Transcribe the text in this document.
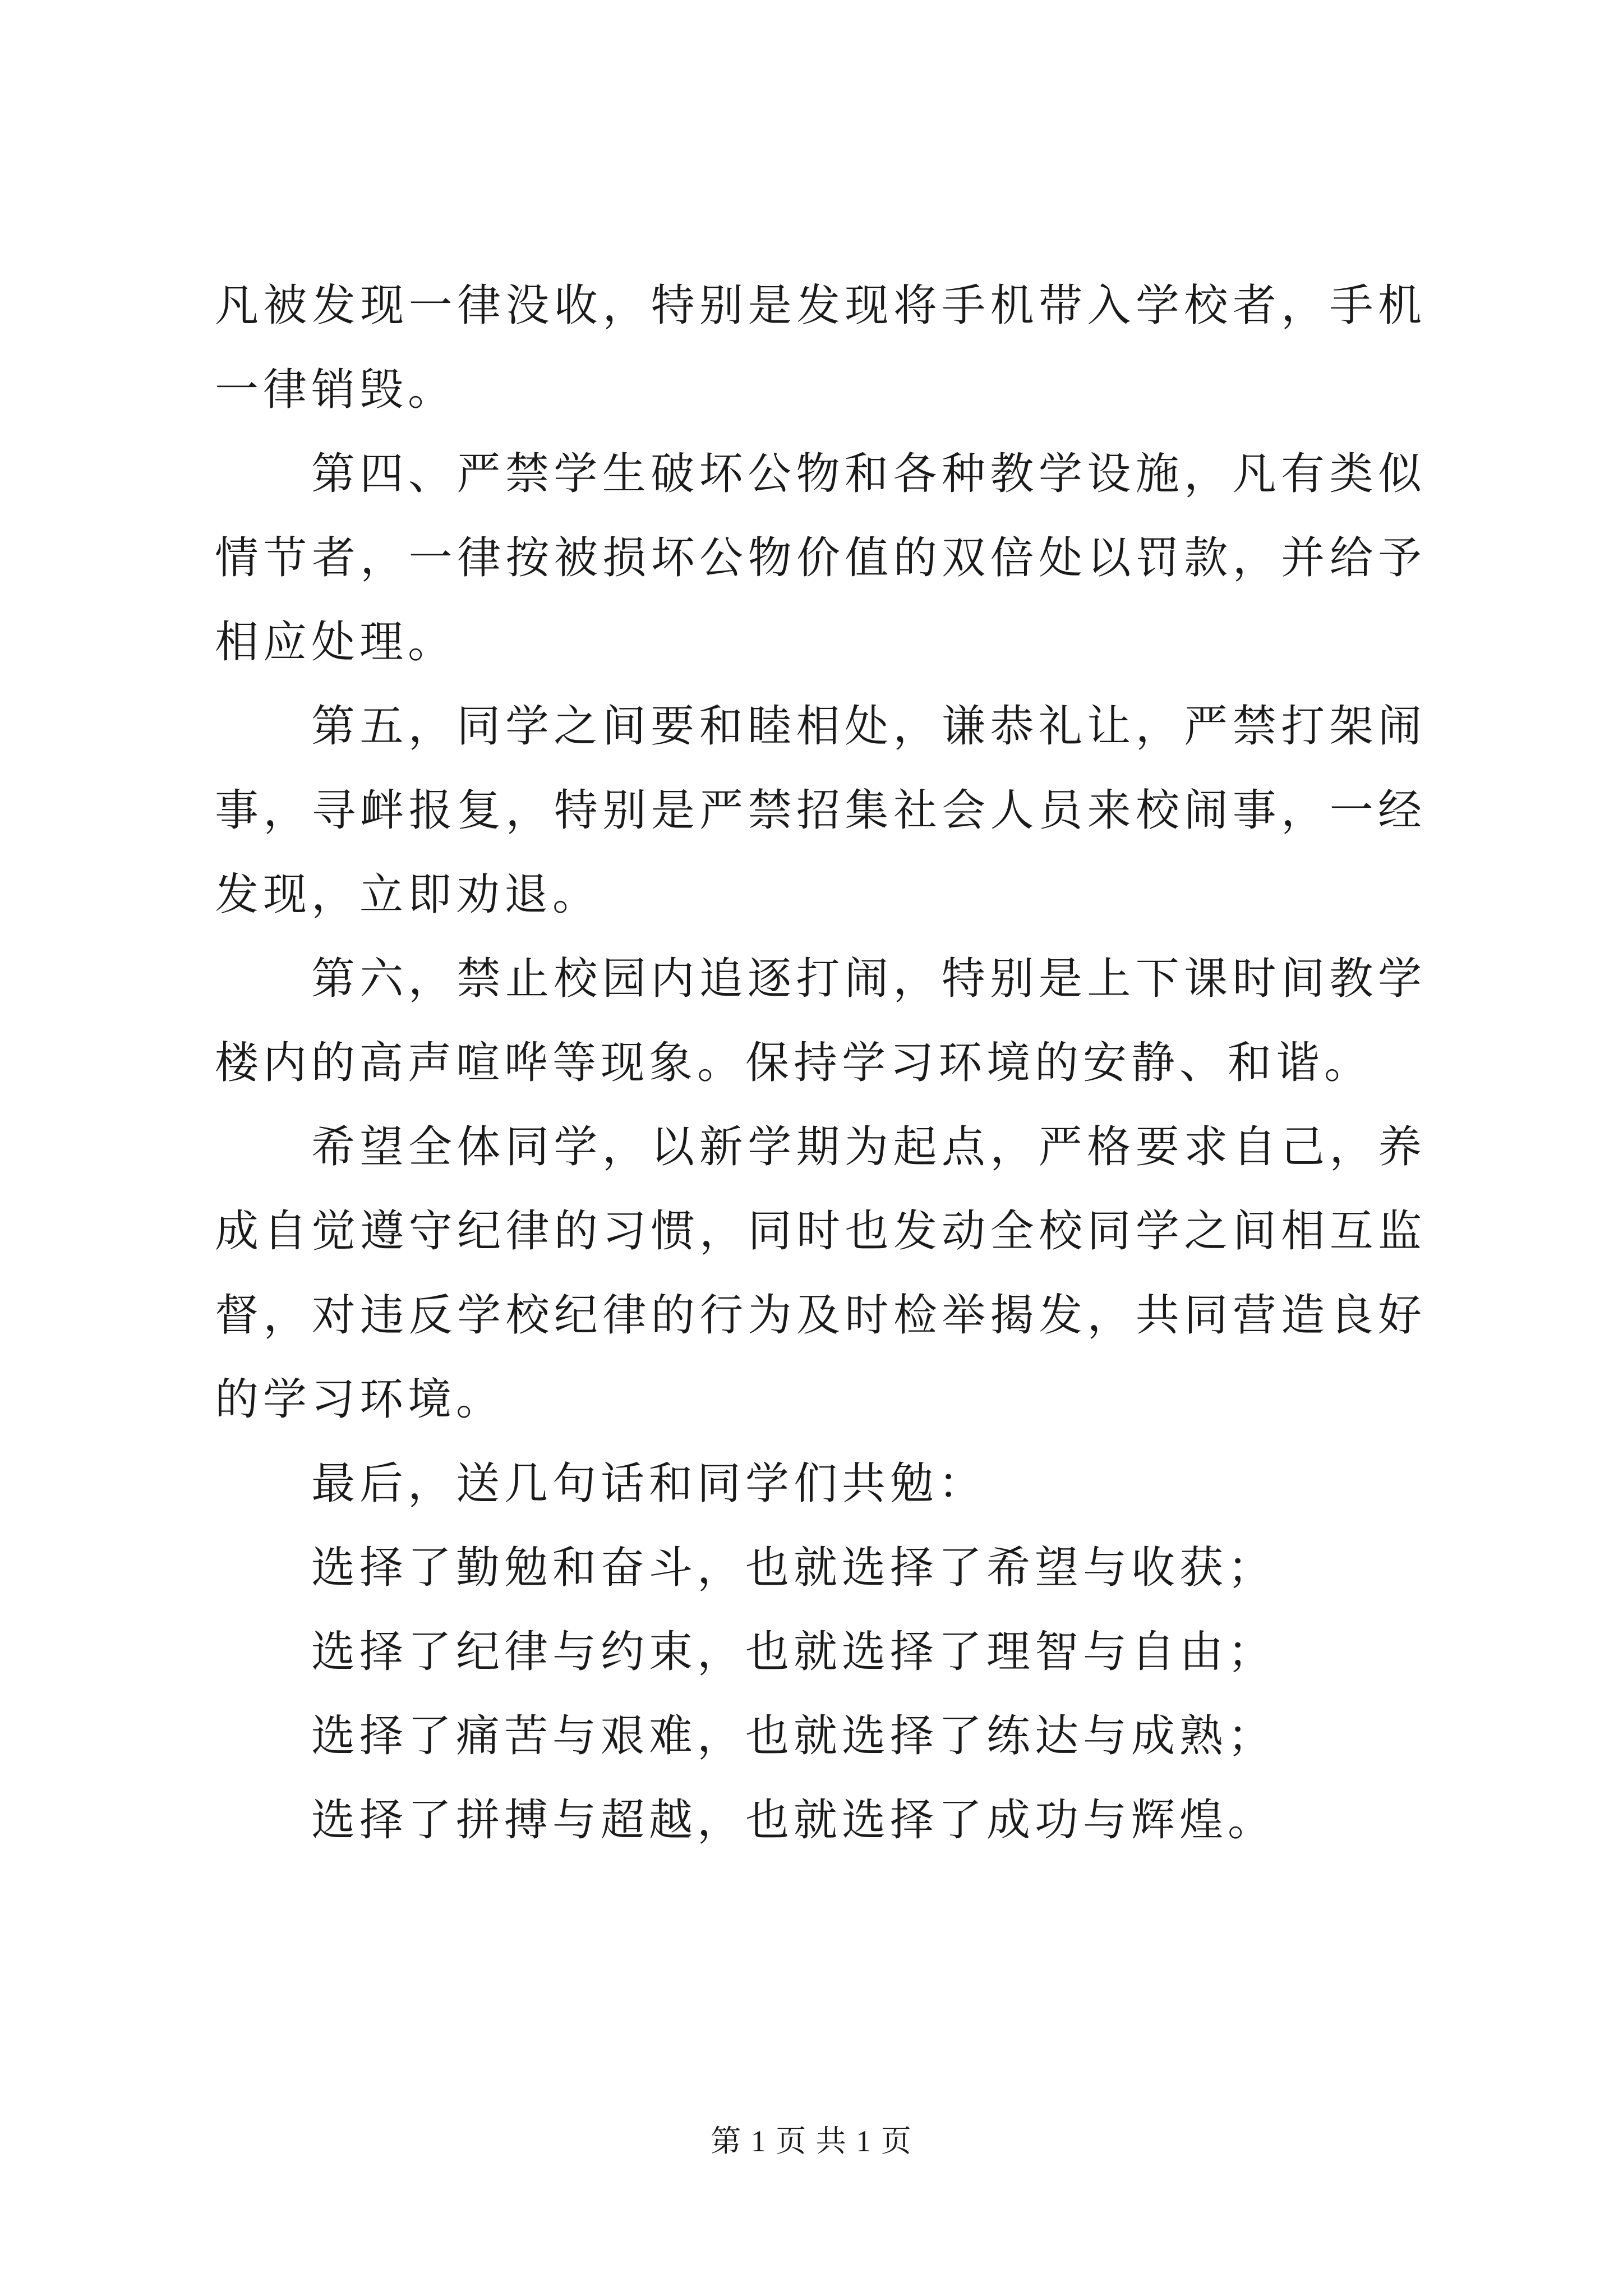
凡被发现一律没收，特别是发现将手机带入学校者，手机一律销毁。

第四、严禁学生破坏公物和各种教学设施，凡有类似情节者，一律按被损坏公物价值的双倍处以罚款，并给予相应处理。

第五，同学之间要和睦相处，谦恭礼让，严禁打架闹事，寻衅报复，特别是严禁招集社会人员来校闹事，一经发现，立即劝退。

第六，禁止校园内追逐打闹，特别是上下课时间教学楼内的高声喧哗等现象。保持学习环境的安静、和谐。

希望全体同学，以新学期为起点，严格要求自己，养成自觉遵守纪律的习惯，同时也发动全校同学之间相互监督，对违反学校纪律的行为及时检举揭发，共同营造良好的学习环境。

最后，送几句话和同学们共勉：

选择了勤勉和奋斗，也就选择了希望与收获；

选择了纪律与约束，也就选择了理智与自由；

选择了痛苦与艰难，也就选择了练达与成熟；

选择了拼搏与超越，也就选择了成功与辉煌。

第 1 页 共 1 页
